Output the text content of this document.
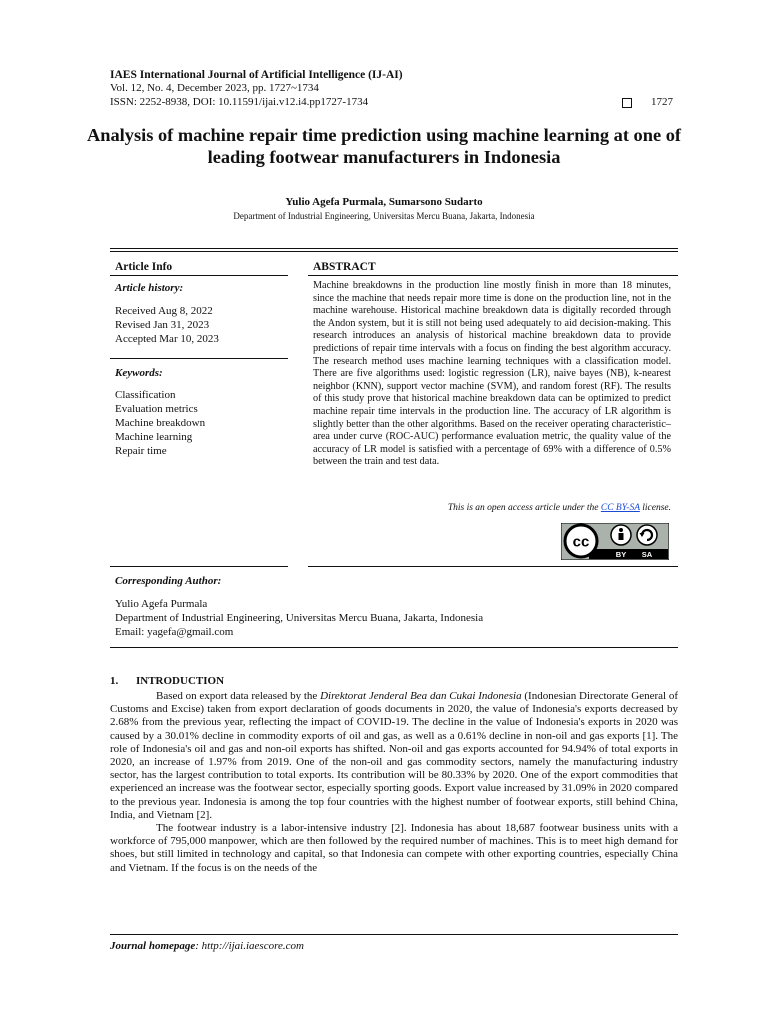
IAES International Journal of Artificial Intelligence (IJ-AI)
Vol. 12, No. 4, December 2023, pp. 1727~1734
ISSN: 2252-8938, DOI: 10.11591/ijai.v12.i4.pp1727-1734	1727
Analysis of machine repair time prediction using machine learning at one of leading footwear manufacturers in Indonesia
Yulio Agefa Purmala, Sumarsono Sudarto
Department of Industrial Engineering, Universitas Mercu Buana, Jakarta, Indonesia
Article Info
Article history:
Received Aug 8, 2022
Revised Jan 31, 2023
Accepted Mar 10, 2023
Keywords:
Classification
Evaluation metrics
Machine breakdown
Machine learning
Repair time
ABSTRACT
Machine breakdowns in the production line mostly finish in more than 18 minutes, since the machine that needs repair more time is done on the production line, not in the machine warehouse. Historical machine breakdown data is digitally recorded through the Andon system, but it is still not being used adequately to aid decision-making. This research introduces an analysis of historical machine breakdown data to provide predictions of repair time intervals with a focus on finding the best algorithm accuracy. The research method uses machine learning techniques with a classification model. There are five algorithms used: logistic regression (LR), naive bayes (NB), k-nearest neighbor (KNN), support vector machine (SVM), and random forest (RF). The results of this study prove that historical machine breakdown data can be optimized to predict machine repair time intervals in the production line. The accuracy of LR algorithm is slightly better than the other algorithms. Based on the receiver operating characteristic–area under curve (ROC-AUC) performance evaluation metric, the quality value of the accuracy of LR model is satisfied with a percentage of 69% with a difference of 0.5% between the train and test data.
This is an open access article under the CC BY-SA license.
cc
BY SA
Corresponding Author:
Yulio Agefa Purmala
Department of Industrial Engineering, Universitas Mercu Buana, Jakarta, Indonesia
Email: yagefa@gmail.com
1. INTRODUCTION

Based on export data released by the Direktorat Jenderal Bea dan Cukai Indonesia (Indonesian Directorate General of Customs and Excise) taken from export declaration of goods documents in 2020, the value of Indonesia's exports decreased by 2.68% from the previous year, reflecting the impact of COVID-19. The decline in the value of Indonesia's exports in 2020 was caused by a 30.01% decline in commodity exports of oil and gas, as well as a 0.61% decline in non-oil and gas exports [1]. The role of Indonesia's oil and gas and non-oil exports has shifted. Non-oil and gas exports accounted for 94.94% of total exports in 2020, an increase of 1.97% from 2019. One of the non-oil and gas commodity sectors, namely the manufacturing industry sector, has the largest contribution to total exports. Its contribution will be 80.33% by 2020. One of the export commodities that experienced an increase was the footwear sector, especially sporting goods. Export value increased by 31.09% in 2020 compared to the previous year. Indonesia is among the top four countries with the highest number of footwear exports, still behind China, India, and Vietnam [2].

The footwear industry is a labor-intensive industry [2]. Indonesia has about 18,687 footwear business units with a workforce of 795,000 manpower, which are then followed by the required number of machines. This is to meet high demand for shoes, but still limited in technology and capital, so that Indonesia can compete with other exporting countries, especially China and Vietnam. If the focus is on the needs of the

Journal homepage: http://ijai.iaescore.com
